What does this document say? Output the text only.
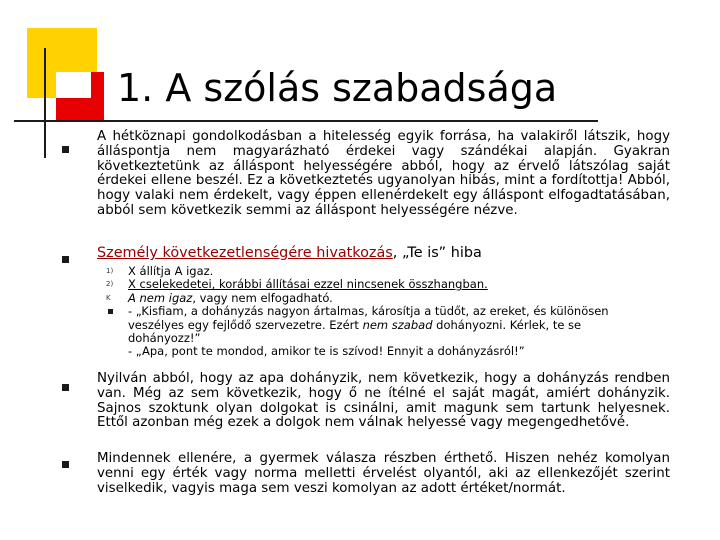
1. A szólás szabadsága

A hétköznapi gondolkodásban a hitelesség egyik forrása, ha valakiről látszik, hogy álláspontja nem magyarázható érdekei vagy szándékai alapján. Gyakran következtetünk az álláspont helyességére abból, hogy az érvelő látszólag saját érdekei ellene beszél. Ez a következtetés ugyanolyan hibás, mint a fordítottja! Abból, hogy valaki nem érdekelt, vagy éppen ellenérdekelt egy álláspont elfogadtatásában, abból sem következik semmi az álláspont helyességére nézve.

Személy következetlenségére hivatkozás, „Te is” hiba

1) X állítja A igaz.
2) X cselekedetei, korábbi állításai ezzel nincsenek összhangban.
K A nem igaz, vagy nem elfogadható.
- „Kisfiam, a dohányzás nagyon ártalmas, károsítja a tüdőt, az ereket, és különösen veszélyes egy fejlődő szervezetre. Ezért nem szabad dohányozni. Kérlek, te se dohányozz!”
- „Apa, pont te mondod, amikor te is szívod! Ennyit a dohányzásról!”

Nyilván abból, hogy az apa dohányzik, nem következik, hogy a dohányzás rendben van. Még az sem következik, hogy ő ne ítélné el saját magát, amiért dohányzik. Sajnos szoktunk olyan dolgokat is csinálni, amit magunk sem tartunk helyesnek. Ettől azonban még ezek a dolgok nem válnak helyessé vagy megengedhetővé.

Mindennek ellenére, a gyermek válasza részben érthető. Hiszen nehéz komolyan venni egy érték vagy norma melletti érvelést olyantól, aki az ellenkezőjét szerint viselkedik, vagyis maga sem veszi komolyan az adott értéket/normát.
